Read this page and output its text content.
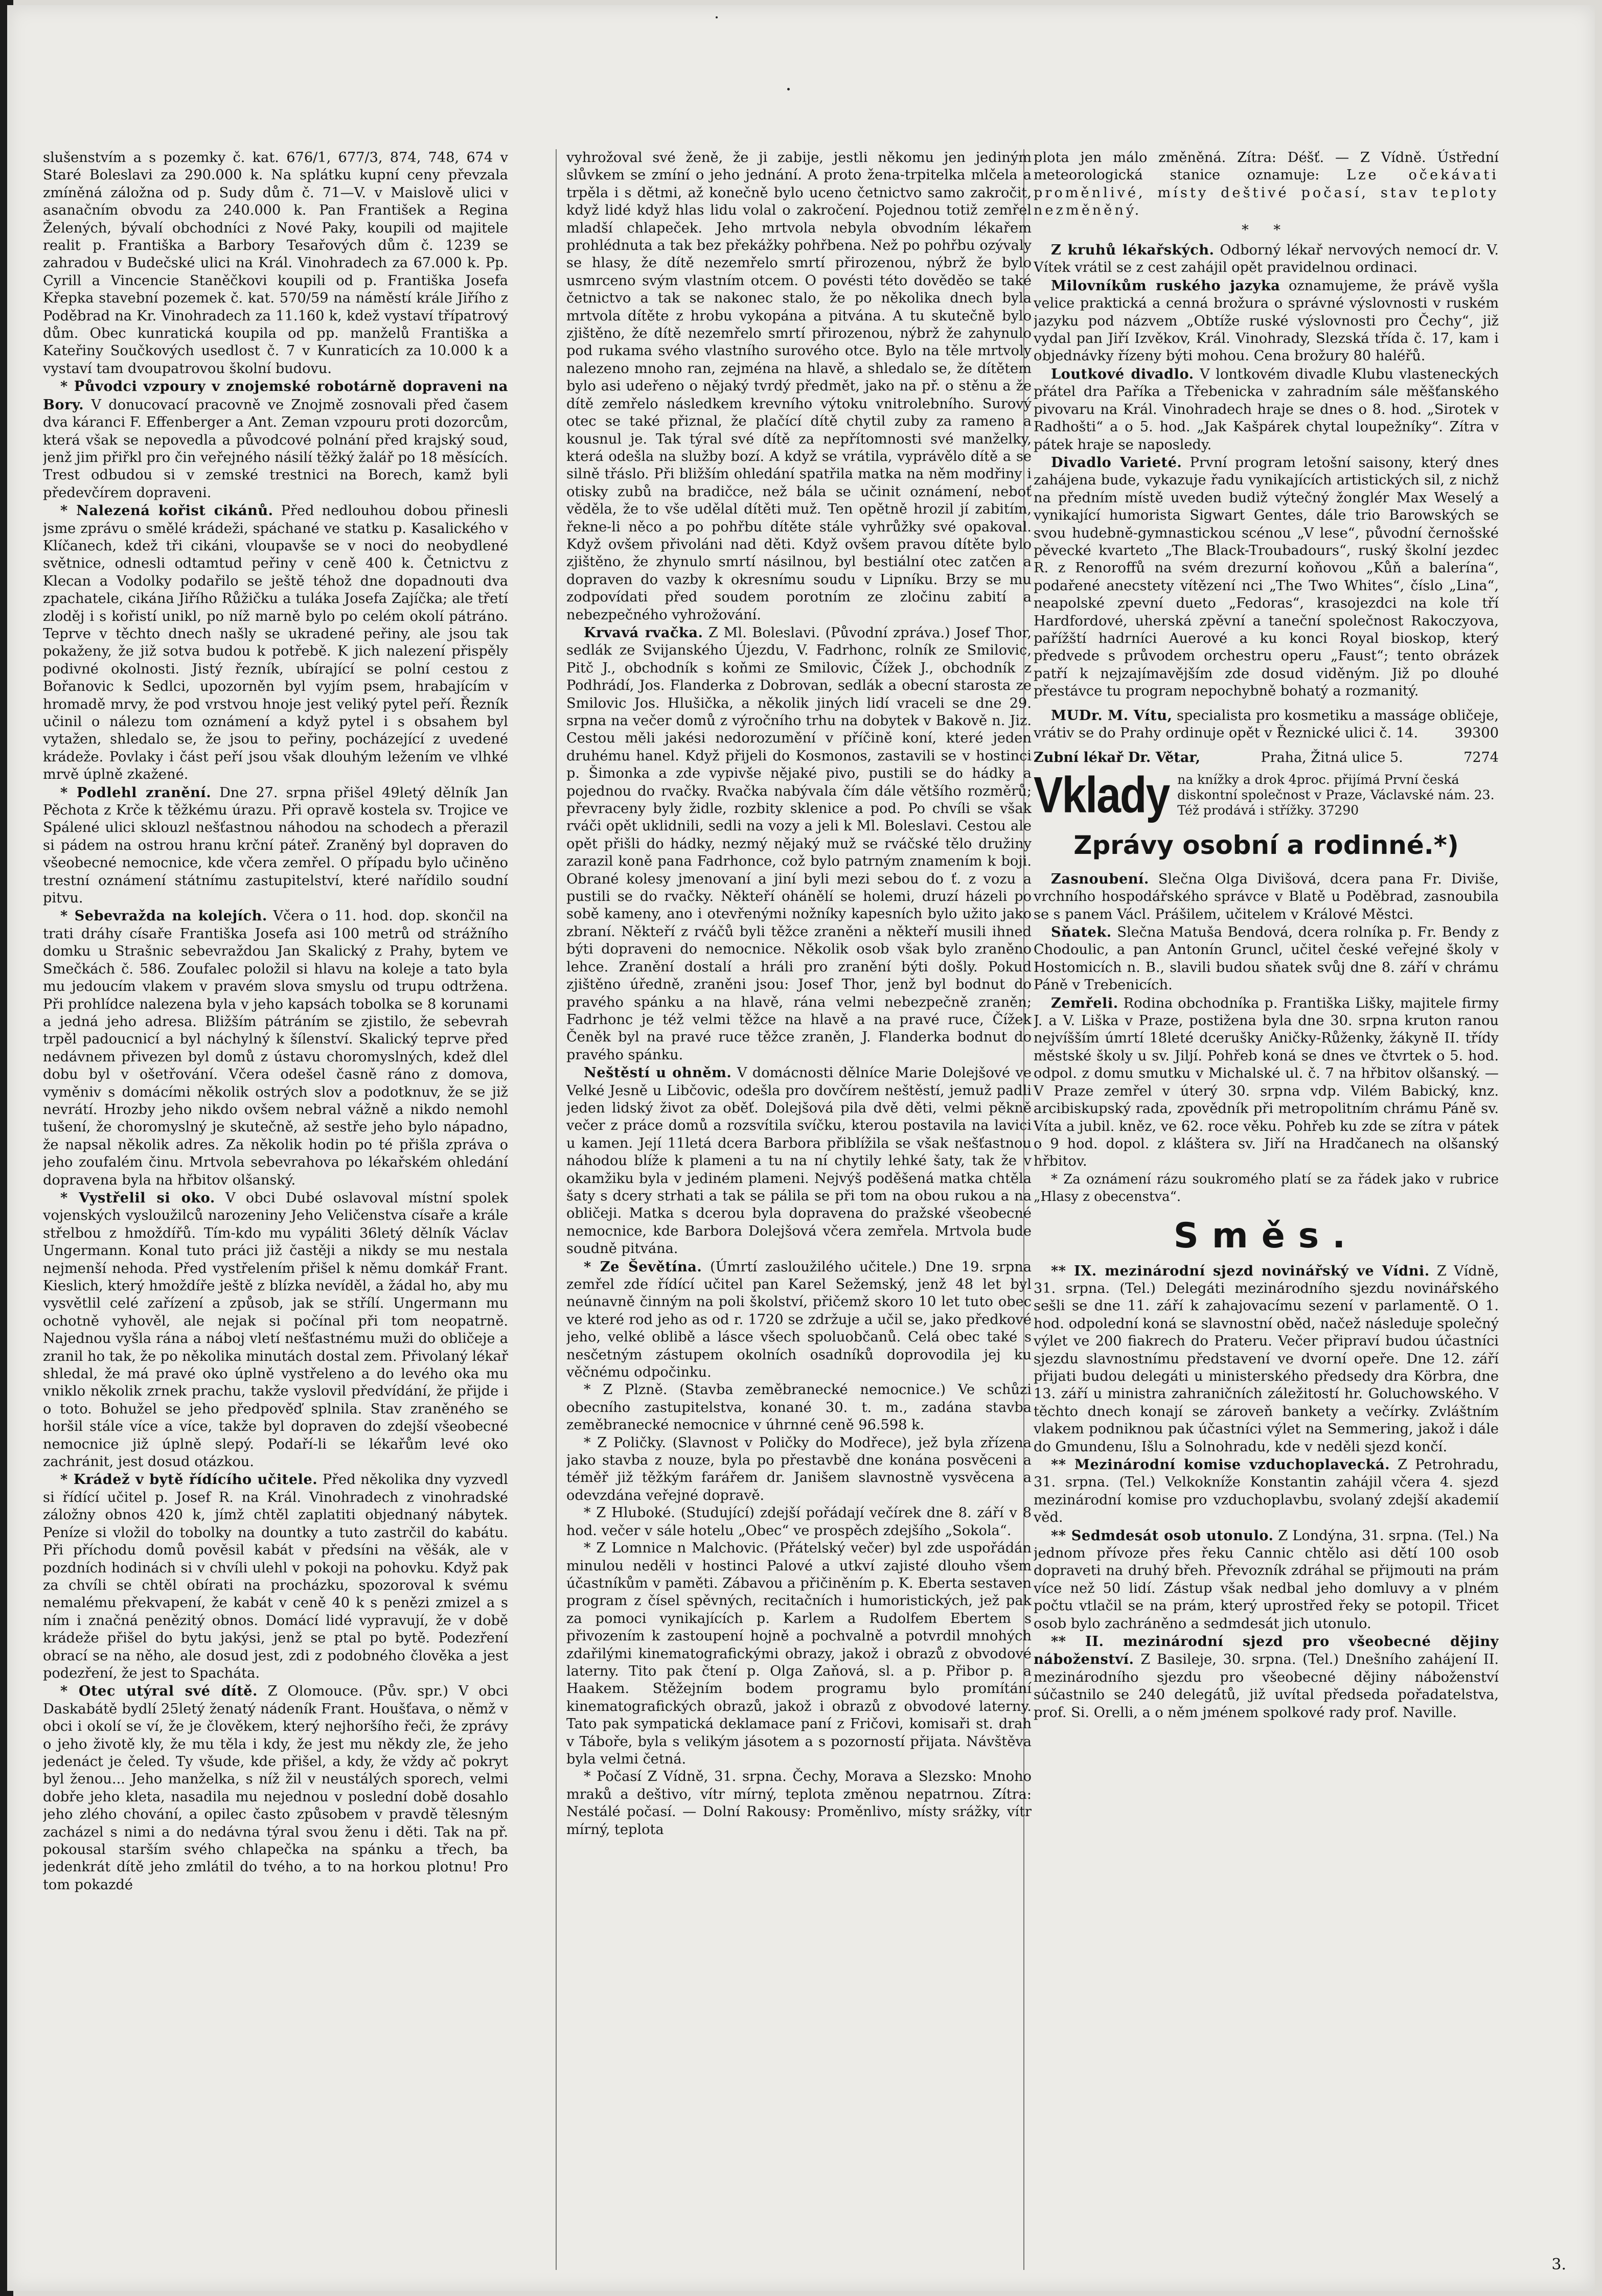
slušenstvím a s pozemky č. kat. 676/1, 677/3, 874, 748, 674 v Staré Boleslavi za 290.000 k. Na splátku kupní ceny převzala zmíněná záložna od p. Sudy dům č. 71—V. v Maislově ulici v asanačním obvodu za 240.000 k. Pan František a Regina Želených, bývalí obchodníci z Nové Paky, koupili od majitele realit p. Františka a Barbory Tesařových dům č. 1239 se zahradou v Budečské ulici na Král. Vinohradech za 67.000 k. Pp. Cyrill a Vincencie Staněčkovi koupili od p. Františka Josefa Křepka stavební pozemek č. kat. 570/59 na náměstí krále Jiřího z Poděbrad na Kr. Vinohradech za 11.160 k, kdež vystaví třípatrový dům. Obec kunratická koupila od pp. manželů Františka a Kateřiny Součkových usedlost č. 7 v Kunraticích za 10.000 k a vystaví tam dvoupatrovou školní budovu.

* Původci vzpoury v znojemské robotárně dopraveni na Bory. V donucovací pracovně ve Znojmě zosnovali před časem dva káranci F. Effenberger a Ant. Zeman vzpouru proti dozorcům, která však se nepovedla a původcové polnání před krajský soud, jenž jim přiřkl pro čin veřejného násilí těžký žalář po 18 měsících. Trest odbudou si v zemské trestnici na Borech, kamž byli předevčírem dopraveni.

* Nalezená kořist cikánů. Před nedlouhou dobou přinesli jsme zprávu o smělé krádeži, spáchané ve statku p. Kasalického v Klíčanech, kdež tři cikáni, vloupavše se v noci do neobydlené světnice, odnesli odtamtud peřiny v ceně 400 k. Četnictvu z Klecan a Vodolky podařilo se ještě téhož dne dopadnouti dva zpachatele, cikána Jiřího Růžičku a tuláka Josefa Zajíčka; ale třetí zloděj i s kořistí unikl, po níž marně bylo po celém okolí pátráno. Teprve v těchto dnech našly se ukradené peřiny, ale jsou tak pokaženy, že již sotva budou k potřebě. K jich nalezení přispěly podivné okolnosti. Jistý řezník, ubírající se polní cestou z Bořanovic k Sedlci, upozorněn byl vyjím psem, hrabajícím v hromadě mrvy, že pod vrstvou hnoje jest veliký pytel peří. Řezník učinil o nálezu tom oznámení a když pytel i s obsahem byl vytažen, shledalo se, že jsou to peřiny, pocházející z uvedené krádeže. Povlaky i část peří jsou však dlouhým ležením ve vlhké mrvě úplně zkažené.

* Podlehl zranění. Dne 27. srpna přišel 49letý dělník Jan Pěchota z Krče k těžkému úrazu. Při opravě kostela sv. Trojice ve Spálené ulici sklouzl nešťastnou náhodou na schodech a přerazil si pádem na ostrou hranu krční páteř. Zraněný byl dopraven do všeobecné nemocnice, kde včera zemřel. O případu bylo učiněno trestní oznámení státnímu zastupitelství, které nařídilo soudní pitvu.

* Sebevražda na kolejích. Včera o 11. hod. dop. skončil na trati dráhy císaře Františka Josefa asi 100 metrů od strážního domku u Strašnic sebevraždou Jan Skalický z Prahy, bytem ve Smečkách č. 586. Zoufalec položil si hlavu na koleje a tato byla mu jedoucím vlakem v pravém slova smyslu od trupu odtržena. Při prohlídce nalezena byla v jeho kapsách tobolka se 8 korunami a jedná jeho adresa. Bližším pátráním se zjistilo, že sebevrah trpěl padoucnicí a byl náchylný k šílenství. Skalický teprve před nedávnem přivezen byl domů z ústavu choromyslných, kdež dlel dobu byl v ošetřování. Včera odešel časně ráno z domova, vyměniv s domácími několik ostrých slov a podotknuv, že se již nevrátí. Hrozby jeho nikdo ovšem nebral vážně a nikdo nemohl tušení, že choromyslný je skutečně, až sestře jeho bylo nápadno, že napsal několik adres. Za několik hodin po té přišla zpráva o jeho zoufalém činu. Mrtvola sebevrahova po lékařském ohledání dopravena byla na hřbitov olšanský.

* Vystřelil si oko. V obci Dubé oslavoval místní spolek vojenských vysloužilců narozeniny Jeho Veličenstva císaře a krále střelbou z hmoždířů. Tím-kdo mu vypáliti 36letý dělník Václav Ungermann. Konal tuto práci již častěji a nikdy se mu nestala nejmenší nehoda. Před vystřelením přišel k němu domkář Frant. Kieslich, který hmoždíře ještě z blízka nevíděl, a žádal ho, aby mu vysvětlil celé zařízení a způsob, jak se střílí. Ungermann mu ochotně vyhověl, ale nejak si počínal při tom neopatrně. Najednou vyšla rána a náboj vletí nešťastnému muži do obličeje a zranil ho tak, že po několika minutách dostal zem. Přivolaný lékař shledal, že má pravé oko úplně vystřeleno a do levého oka mu vniklo několik zrnek prachu, takže vyslovil předvídání, že přijde i o toto. Bohužel se jeho předpověď splnila. Stav zraněného se horšil stále více a více, takže byl dopraven do zdejší všeobecné nemocnice již úplně slepý. Podaří-li se lékařům levé oko zachránit, jest dosud otázkou.

* Krádež v bytě řídícího učitele. Před několika dny vyzvedl si řídící učitel p. Josef R. na Král. Vinohradech z vinohradské záložny obnos 420 k, jímž chtěl zaplatiti objednaný nábytek. Peníze si vložil do tobolky na dountky a tuto zastrčil do kabátu. Při příchodu domů pověsil kabát v předsíni na věšák, ale v pozdních hodinách si v chvíli ulehl v pokoji na pohovku. Když pak za chvíli se chtěl obírati na procházku, spozoroval k svému nemalému překvapení, že kabát v ceně 40 k s penězi zmizel a s ním i značná penězitý obnos. Domácí lidé vypravují, že v době krádeže přišel do bytu jakýsi, jenž se ptal po bytě. Podezření obrací se na něho, ale dosud jest, zdi z podobného člověka a jest podezření, že jest to Spacháta.

* Otec utýral své dítě. Z Olomouce. (Pův. spr.) V obci Daskabátě bydlí 25letý ženatý nádeník Frant. Houšťava, o němž v obci i okolí se ví, že je člověkem, který nejhoršího řeči, že zprávy o jeho životě kly, že mu těla i kdy, že jest mu někdy zle, že jeho jedenáct je čeled. Ty všude, kde přišel, a kdy, že vždy ač pokryt byl ženou... Jeho manželka, s níž žil v neustálých sporech, velmi dobře jeho kleta, nasadila mu nejednou v poslední době dosahlo jeho zlého chování, a opilec často způsobem v pravdě tělesným zacházel s nimi a do nedávna týral svou ženu i děti. Tak na př. pokousal starším svého chlapečka na spánku a třech, ba jedenkrát dítě jeho zmlátil do tvého, a to na horkou plotnu! Pro tom pokazdé

vyhrožoval své ženě, že ji zabije, jestli někomu jen jediným slůvkem se zmíní o jeho jednání. A proto žena-trpitelka mlčela a trpěla i s dětmi, až konečně bylo uceno četnictvo samo zakročit, když lidé když hlas lidu volal o zakročení. Pojednou totiž zemřel mladší chlapeček. Jeho mrtvola nebyla obvodním lékařem prohlédnuta a tak bez překážky pohřbena. Než po pohřbu ozývaly se hlasy, že dítě nezemřelo smrtí přirozenou, nýbrž že bylo usmrceno svým vlastním otcem. O povésti této dověděo se také četnictvo a tak se nakonec stalo, že po několika dnech byla mrtvola dítěte z hrobu vykopána a pitvána. A tu skutečně bylo zjištěno, že dítě nezemřelo smrtí přirozenou, nýbrž že zahynulo pod rukama svého vlastního surového otce. Bylo na těle mrtvoly nalezeno mnoho ran, zejména na hlavě, a shledalo se, že dítětem bylo asi udeřeno o nějaký tvrdý předmět, jako na př. o stěnu a že dítě zemřelo následkem krevního výtoku vnitrolebního. Surový otec se také přiznal, že plačící dítě chytil zuby za rameno a kousnul je. Tak týral své dítě za nepřítomnosti své manželky, která odešla na služby bozí. A když se vrátila, vyprávělo dítě a se silně třáslo. Při bližším ohledání spatřila matka na něm modřiny i otisky zubů na bradičce, než bála se učinit oznámení, neboť věděla, že to vše udělal dítěti muž. Ten opětně hrozil jí zabitím, řekne-li něco a po pohřbu dítěte stále vyhrůžky své opakoval. Když ovšem přivoláni nad děti. Když ovšem pravou dítěte bylo zjištěno, že zhynulo smrtí násilnou, byl bestiální otec zatčen a dopraven do vazby k okresnímu soudu v Lipníku. Brzy se mu zodpovídati před soudem porotním ze zločinu zabití a nebezpečného vyhrožování.

Krvavá rvačka. Z Ml. Boleslavi. (Původní zpráva.) Josef Thor, sedlák ze Svijanského Újezdu, V. Fadrhonc, rolník ze Smilovic, Pitč J., obchodník s koňmi ze Smilovic, Čížek J., obchodník z Podhrádí, Jos. Flanderka z Dobrovan, sedlák a obecní starosta ze Smilovic Jos. Hlušička, a několik jiných lidí vraceli se dne 29. srpna na večer domů z výročního trhu na dobytek v Bakově n. Jiz. Cestou měli jakési nedorozumění v příčině koní, které jeden druhému hanel. Když přijeli do Kosmonos, zastavili se v hostinci p. Šimonka a zde vypivše nějaké pivo, pustili se do hádky a pojednou do rvačky. Rvačka nabývala čím dále většího rozměrů; převraceny byly židle, rozbity sklenice a pod. Po chvíli se však rváči opět uklidnili, sedli na vozy a jeli k Ml. Boleslavi. Cestou ale opět přišli do hádky, nezmý nějaký muž se rváčské tělo družiny zarazil koně pana Fadrhonce, což bylo patrným znamením k boji. Obrané kolesy jmenovaní a jiní byli mezi sebou do ť. z vozu a pustili se do rvačky. Někteří ohánělí se holemi, druzí házeli po sobě kameny, ano i otevřenými nožníky kapesních bylo užito jako zbraní. Někteří z rváčů byli těžce zraněni a někteří musili ihned býti dopraveni do nemocnice. Několik osob však bylo zraněno lehce. Zranění dostalí a hráli pro zranění býti došly. Pokud zjištěno úředně, zraněni jsou: Josef Thor, jenž byl bodnut do pravého spánku a na hlavě, rána velmi nebezpečně zraněn; Fadrhonc je též velmi těžce na hlavě a na pravé ruce, Čížek Čeněk byl na pravé ruce těžce zraněn, J. Flanderka bodnut do pravého spánku.

Neštěstí u ohněm. V domácnosti dělníce Marie Dolejšové ve Velké Jesně u Libčovic, odešla pro dovčírem neštěstí, jemuž padli jeden lidský život za oběť. Dolejšová pila dvě děti, velmi pěkně večer z práce domů a rozsvítila svíčku, kterou postavila na lavici u kamen. Její 11letá dcera Barbora přiblížila se však nešťastnou náhodou blíže k plameni a tu na ní chytily lehké šaty, tak že v okamžiku byla v jediném plameni. Nejvýš poděšená matka chtěla šaty s dcery strhati a tak se pálila se při tom na obou rukou a na obličeji. Matka s dcerou byla dopravena do pražské všeobecné nemocnice, kde Barbora Dolejšová včera zemřela. Mrtvola bude soudně pitvána.

* Ze Ševětína. (Úmrtí zasloužilého učitele.) Dne 19. srpna zemřel zde řídící učitel pan Karel Sežemský, jenž 48 let byl neúnavně činným na poli školství, přičemž skoro 10 let tuto obec ve které rod jeho as od r. 1720 se zdržuje a učil se, jako předkové jeho, velké oblibě a lásce všech spoluobčanů. Celá obec také s nesčetným zástupem okolních osadníků doprovodila jej ku věčnému odpočinku.

* Z Plzně. (Stavba zeměbranecké nemocnice.) Ve schůzi obecního zastupitelstva, konané 30. t. m., zadána stavba zeměbranecké nemocnice v úhrnné ceně 96.598 k.

* Z Poličky. (Slavnost v Poličky do Modřece), jež byla zřízena jako stavba z nouze, byla po přestavbě dne konána posvěceni a téměř již těžkým farářem dr. Janišem slavnostně vysvěcena a odevzdána veřejné dopravě.

* Z Hluboké. (Studující) zdejší pořádají večírek dne 8. září v 8 hod. večer v sále hotelu „Obec“ ve prospěch zdejšího „Sokola“.

* Z Lomnice n Malchovic. (Přátelský večer) byl zde uspořádán minulou neděli v hostinci Palové a utkví zajisté dlouho všem účastníkům v paměti. Zábavou a přičiněním p. K. Eberta sestaven program z čísel spěvných, recitačních i humoristických, jež pak za pomoci vynikajících p. Karlem a Rudolfem Ebertem s přivozením k zastoupení hojně a pochvalně a potvrdil mnohých zdařilými kinematografickými obrazy, jakož i obrazů z obvodové laterny. Tito pak čtení p. Olga Zaňová, sl. a p. Přibor p. a Haakem. Stěžejním bodem programu bylo promítání kinematografických obrazů, jakož i obrazů z obvodové laterny. Tato pak sympatická deklamace paní z Fričovi, komisaři st. drah v Táboře, byla s velikým jásotem a s pozorností přijata. Návštěva byla velmi četná.

* Počasí Z Vídně, 31. srpna. Čechy, Morava a Slezsko: Mnoho mraků a deštivo, vítr mírný, teplota změnou nepatrnou. Zítra: Nestálé počasí. — Dolní Rakousy: Proměnlivo, místy srážky, vítr mírný, teplota

plota jen málo změněná. Zítra: Déšť. — Z Vídně. Ústřední meteorologická stanice oznamuje: Lze očekávati proměnlivé, místy deštivé počasí, stav teploty nezměněný.

* *

Z kruhů lékařských. Odborný lékař nervových nemocí dr. V. Vítek vrátil se z cest zahájil opět pravidelnou ordinaci.

Milovníkům ruského jazyka oznamujeme, že právě vyšla velice praktická a cenná brožura o správné výslovnosti v ruském jazyku pod názvem „Obtíže ruské výslovnosti pro Čechy“, již vydal pan Jiří Izvěkov, Král. Vinohrady, Slezská třída č. 17, kam i objednávky řízeny býti mohou. Cena brožury 80 haléřů.

Loutkové divadlo. V lontkovém divadle Klubu vlasteneckých přátel dra Paříka a Třebenicka v zahradním sále měšťanského pivovaru na Král. Vinohradech hraje se dnes o 8. hod. „Sirotek v Radhošti“ a o 5. hod. „Jak Kašpárek chytal loupežníky“. Zítra v pátek hraje se naposledy.

Divadlo Varieté. První program letošní saisony, který dnes zahájena bude, vykazuje řadu vynikajících artistických sil, z nichž na předním místě uveden budiž výtečný žonglér Max Weselý a vynikající humorista Sigwart Gentes, dále trio Barowských se svou hudebně-gymnastickou scénou „V lese“, původní černošské pěvecké kvarteto „The Black-Troubadours“, ruský školní jezdec R. z Renoroffů na svém drezurní koňovou „Kůň a balerína“, podařené anecstety vítězení nci „The Two Whites“, číslo „Lina“, neapolské zpevní dueto „Fedoras“, krasojezdci na kole tří Hardfordové, uherská zpěvní a taneční společnost Rakoczyova, pařížští hadrníci Auerové a ku konci Royal bioskop, který předvede s průvodem orchestru operu „Faust“; tento obrázek patří k nejzajímavějším zde dosud viděným. Již po dlouhé přestávce tu program nepochybně bohatý a rozmanitý.

MUDr. M. Vítu, specialista pro kosmetiku a masságe obličeje, vrátiv se do Prahy ordinuje opět v Řeznické ulici č. 14.	39300

Zubní lékař Dr. Větar,	Praha, Žitná ulice 5.	7274
Vklady na knížky a drok 4proc. přijímá První česká diskontní společnost v Praze, Václavské nám. 23. Též prodává i střížky. 37290
Zprávy osobní a rodinné.*)

Zasnoubení. Slečna Olga Divišová, dcera pana Fr. Diviše, vrchního hospodářského správce v Blatě u Poděbrad, zasnoubila se s panem Václ. Prášilem, učitelem v Králové Městci.

Sňatek. Slečna Matuša Bendová, dcera rolníka p. Fr. Bendy z Chodoulic, a pan Antonín Gruncl, učitel české veřejné školy v Hostomicích n. B., slavili budou sňatek svůj dne 8. září v chrámu Páně v Trebenicích.

Zemřeli. Rodina obchodníka p. Františka Lišky, majitele firmy J. a V. Liška v Praze, postižena byla dne 30. srpna kruton ranou nejvíšším úmrtí 18leté dcerušky Aničky-Růženky, žákyně II. třídy městské školy u sv. Jiljí. Pohřeb koná se dnes ve čtvrtek o 5. hod. odpol. z domu smutku v Michalské ul. č. 7 na hřbitov olšanský. — V Praze zemřel v úterý 30. srpna vdp. Vilém Babický, knz. arcibiskupský rada, zpovědník při metropolitním chrámu Páně sv. Víta a jubil. kněz, ve 62. roce věku. Pohřeb ku zde se zítra v pátek o 9 hod. dopol. z kláštera sv. Jiří na Hradčanech na olšanský hřbitov.

* Za oznámení rázu soukromého platí se za řádek jako v rubrice „Hlasy z obecenstva“.

Směs.

** IX. mezinárodní sjezd novinářský ve Vídni. Z Vídně, 31. srpna. (Tel.) Delegáti mezinárodního sjezdu novinářského sešli se dne 11. září k zahajovacímu sezení v parlamentě. O 1. hod. odpolední koná se slavnostní oběd, načež následuje společný výlet ve 200 fiakrech do Prateru. Večer připraví budou účastníci sjezdu slavnostnímu představení ve dvorní opeře. Dne 12. září přijati budou delegáti u ministerského předsedy dra Körbra, dne 13. září u ministra zahraničních záležitostí hr. Goluchowského. V těchto dnech konají se zároveň bankety a večírky. Zvláštním vlakem podniknou pak účastníci výlet na Semmering, jakož i dále do Gmundenu, Išlu a Solnohradu, kde v neděli sjezd končí.

** Mezinárodní komise vzduchoplavecká. Z Petrohradu, 31. srpna. (Tel.) Velkokníže Konstantin zahájil včera 4. sjezd mezinárodní komise pro vzduchoplavbu, svolaný zdejší akademií věd.

** Sedmdesát osob utonulo. Z Londýna, 31. srpna. (Tel.) Na jednom přívoze přes řeku Cannic chtělo asi dětí 100 osob dopraveti na druhý břeh. Převozník zdráhal se přijmouti na prám více než 50 lidí. Zástup však nedbal jeho domluvy a v plném počtu vtlačil se na prám, který uprostřed řeky se potopil. Třicet osob bylo zachráněno a sedmdesát jich utonulo.

** II. mezinárodní sjezd pro všeobecné dějiny náboženství. Z Basileje, 30. srpna. (Tel.) Dnešního zahájení II. mezinárodního sjezdu pro všeobecné dějiny náboženství súčastnilo se 240 delegátů, již uvítal předseda pořadatelstva, prof. Si. Orelli, a o něm jménem spolkové rady prof. Naville.

3.
